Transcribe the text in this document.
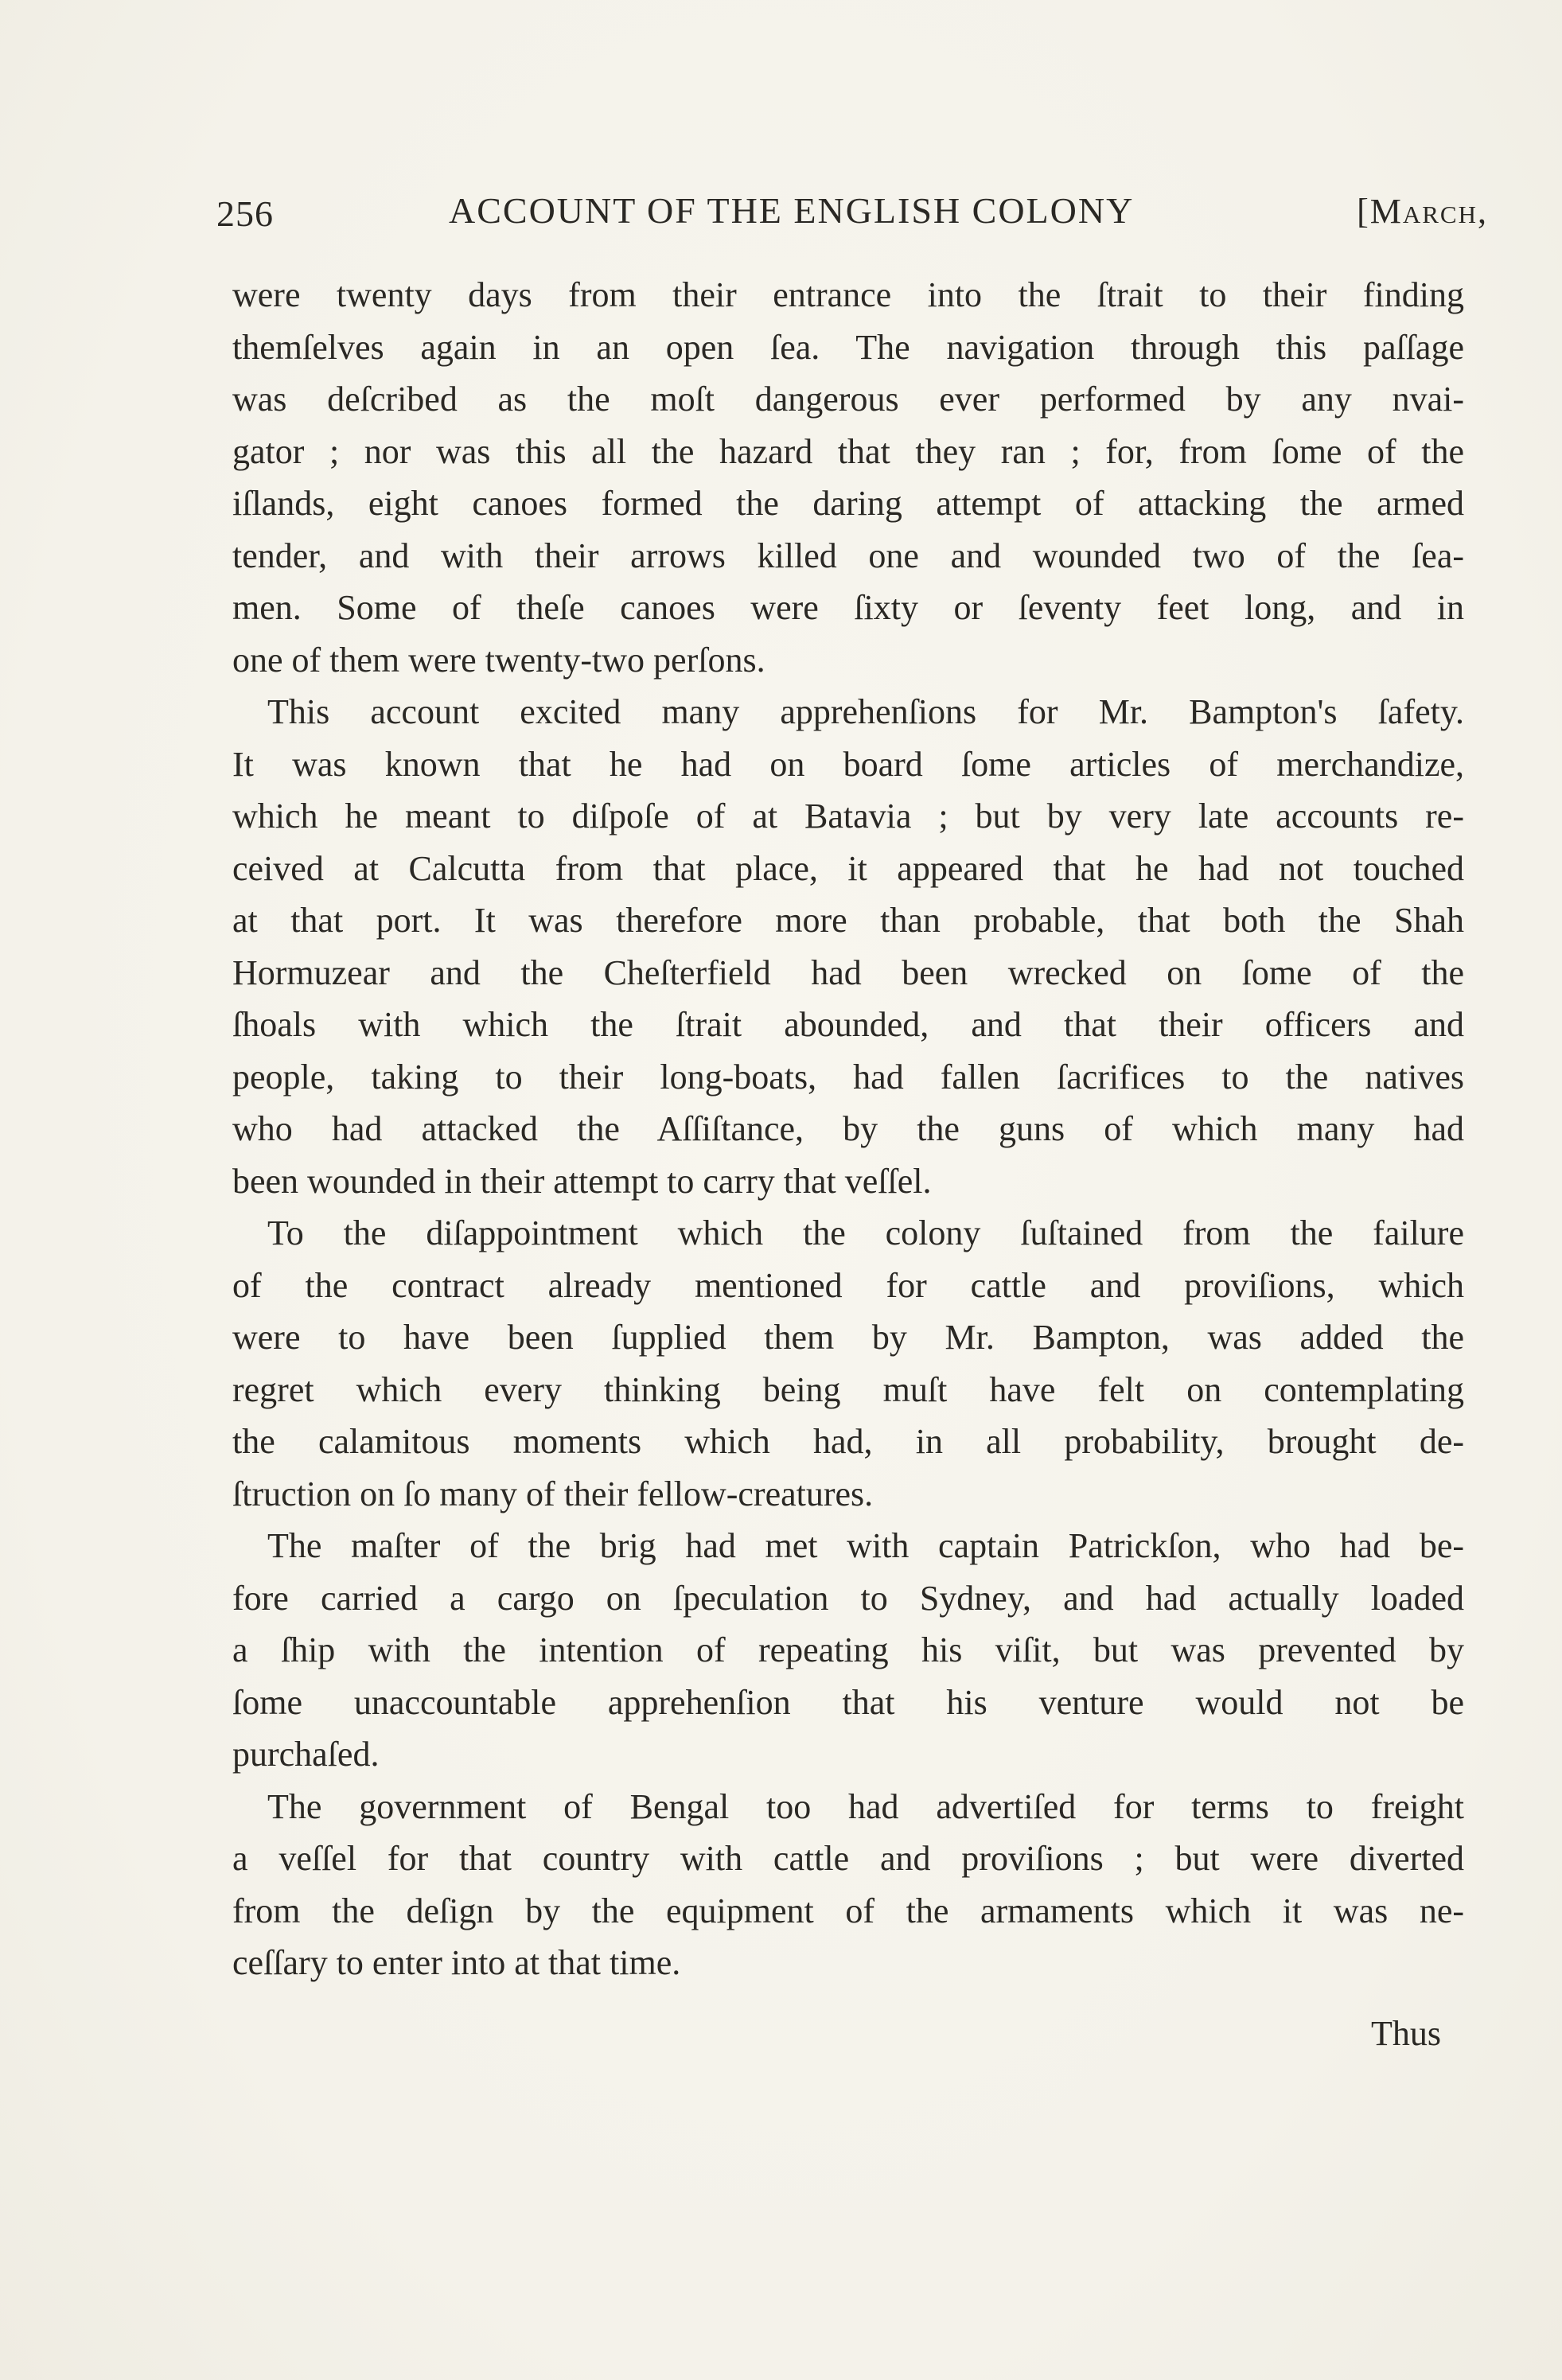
256	ACCOUNT OF THE ENGLISH COLONY	[March,
were twenty days from their entrance into the ſtrait to their finding
themſelves again in an open ſea. The navigation through this paſſage
was deſcribed as the moſt dangerous ever performed by any nvai-
gator ; nor was this all the hazard that they ran ; for, from ſome of the
iſlands, eight canoes formed the daring attempt of attacking the armed
tender, and with their arrows killed one and wounded two of the ſea-
men. Some of theſe canoes were ſixty or ſeventy feet long, and in
one of them were twenty-two perſons.
This account excited many apprehenſions for Mr. Bampton's ſafety.
It was known that he had on board ſome articles of merchandize,
which he meant to diſpoſe of at Batavia ; but by very late accounts re-
ceived at Calcutta from that place, it appeared that he had not touched
at that port. It was therefore more than probable, that both the Shah
Hormuzear and the Cheſterfield had been wrecked on ſome of the
ſhoals with which the ſtrait abounded, and that their officers and
people, taking to their long-boats, had fallen ſacrifices to the natives
who had attacked the Aſſiſtance, by the guns of which many had
been wounded in their attempt to carry that veſſel.
To the diſappointment which the colony ſuſtained from the failure
of the contract already mentioned for cattle and proviſions, which
were to have been ſupplied them by Mr. Bampton, was added the
regret which every thinking being muſt have felt on contemplating
the calamitous moments which had, in all probability, brought de-
ſtruction on ſo many of their fellow-creatures.
The maſter of the brig had met with captain Patrickſon, who had be-
fore carried a cargo on ſpeculation to Sydney, and had actually loaded
a ſhip with the intention of repeating his viſit, but was prevented by
ſome unaccountable apprehenſion that his venture would not be
purchaſed.
The government of Bengal too had advertiſed for terms to freight
a veſſel for that country with cattle and proviſions ; but were diverted
from the deſign by the equipment of the armaments which it was ne-
ceſſary to enter into at that time.
Thus
